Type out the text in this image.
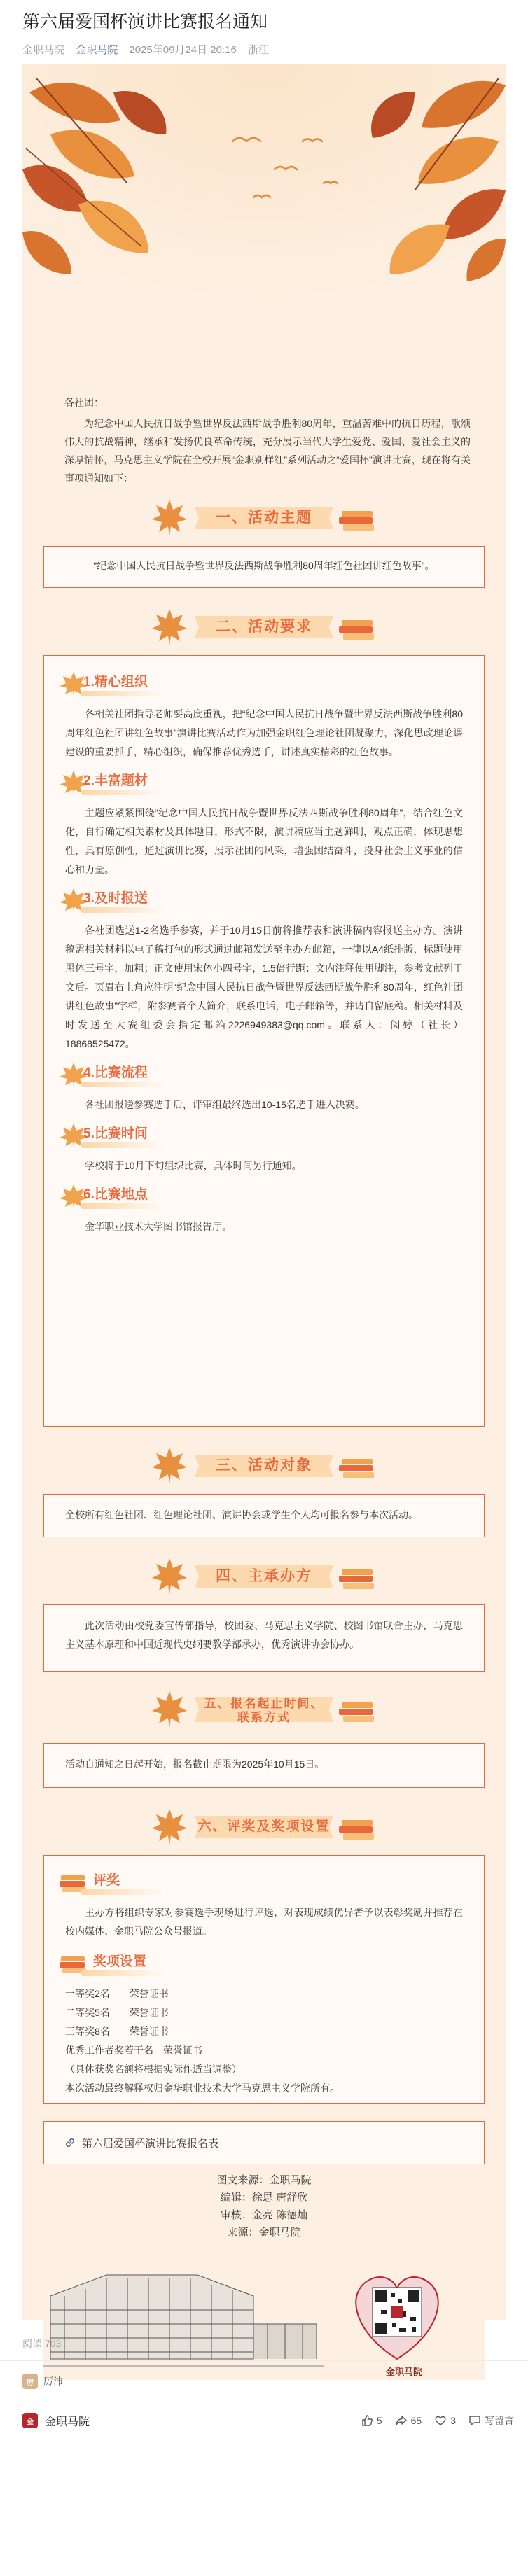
第六届爱国杯演讲比赛报名通知
金职马院 金职马院 2025年09月24日 20:16 浙江
各社团：

为纪念中国人民抗日战争暨世界反法西斯战争胜利80周年，重温苦难中的抗日历程，歌颂伟大的抗战精神，继承和发扬优良革命传统，充分展示当代大学生爱党、爱国、爱社会主义的深厚情怀，马克思主义学院在全校开展“金职别样红”系列活动之“爱国杯”演讲比赛，现在将有关事项通知如下：

一、活动主题

“纪念中国人民抗日战争暨世界反法西斯战争胜利80周年红色社团讲红色故事”。

二、活动要求
1.精心组织

各相关社团指导老师要高度重视，把“纪念中国人民抗日战争暨世界反法西斯战争胜利80周年红色社团讲红色故事”演讲比赛活动作为加强金职红色理论社团凝聚力，深化思政理论课建设的重要抓手，精心组织，确保推荐优秀选手，讲述真实精彩的红色故事。

2.丰富题材

主题应紧紧围绕“纪念中国人民抗日战争暨世界反法西斯战争胜利80周年”，结合红色文化，自行确定相关素材及具体题目，形式不限，演讲稿应当主题鲜明，观点正确，体现思想性，具有原创性，通过演讲比赛，展示社团的风采，增强团结奋斗，投身社会主义事业的信心和力量。

3.及时报送

各社团选送1-2名选手参赛，并于10月15日前将推荐表和演讲稿内容报送主办方。演讲稿需相关材料以电子稿打包的形式通过邮箱发送至主办方邮箱，一律以A4纸排版，标题使用黑体三号字，加粗；正文使用宋体小四号字，1.5倍行距；文内注释使用脚注，参考文献列于文后。页眉右上角应注明“纪念中国人民抗日战争暨世界反法西斯战争胜利80周年，红色社团讲红色故事”字样，附参赛者个人简介，联系电话，电子邮箱等，并请自留底稿。相关材料及时发送至大赛组委会指定邮箱2226949383@qq.com。联系人：闵婷（社长）18868525472。

4.比赛流程

各社团报送参赛选手后，评审组最终选出10-15名选手进入决赛。

5.比赛时间

学校将于10月下旬组织比赛，具体时间另行通知。

6.比赛地点

金华职业技术大学图书馆报告厅。

三、活动对象

全校所有红色社团、红色理论社团、演讲协会或学生个人均可报名参与本次活动。

四、主承办方

此次活动由校党委宣传部指导，校团委、马克思主义学院、校图书馆联合主办，马克思主义基本原理和中国近现代史纲要教学部承办，优秀演讲协会协办。

五、报名起止时间、
联系方式

活动自通知之日起开始，报名截止期限为2025年10月15日。

六、评奖及奖项设置
评奖

主办方将组织专家对参赛选手现场进行评选，对表现成绩优异者予以表彰奖励并推荐在校内媒体、金职马院公众号报道。

奖项设置

一等奖2名　　荣誉证书

二等奖5名　　荣誉证书

三等奖8名　　荣誉证书

优秀工作者奖若干名　荣誉证书

（具体获奖名额将根据实际作适当调整）

本次活动最终解释权归金华职业技术大学马克思主义学院所有。

第六届爱国杯演讲比赛报名表
图文来源：金职马院
编辑：徐思 唐舒欣
审核：金亮 陈德灿
来源：金职马院
金职马院
阅读 703
厉	厉沛
金	金职马院	5	65	3	写留言
